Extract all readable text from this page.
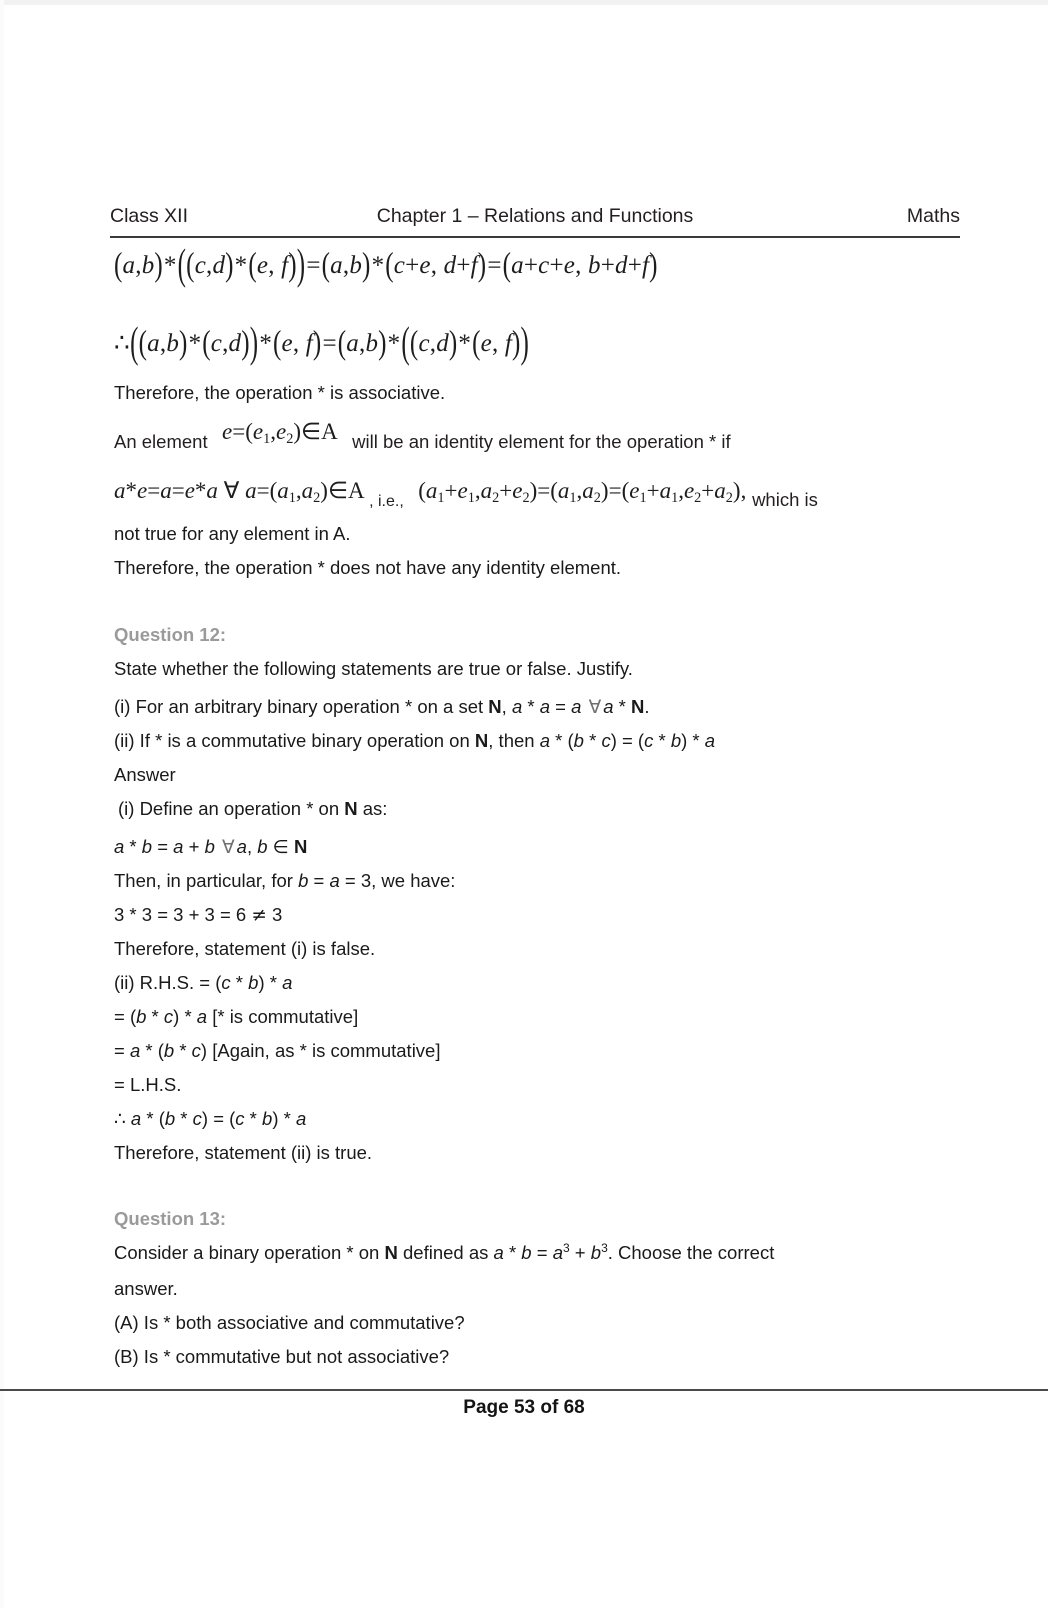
Class XII	Chapter 1 – Relations and Functions	Maths
(a,b)*((c,d)*(e, f))=(a,b)*(c+e, d+f)=(a+c+e, b+d+f)
∴((a,b)*(c,d))*(e, f)=(a,b)*((c,d)*(e, f))
Therefore, the operation * is associative.
An element $e=(e_1,e_2)\in A$ will be an identity element for the operation * if
a*e=a=e*a ∀ $a=(a_1,a_2)\in A$ , i.e., $(a_1+e_1,a_2+e_2)=(a_1,a_2)=(e_1+a_1,e_2+a_2)$, which is
not true for any element in A.
Therefore, the operation * does not have any identity element.
Question 12:
State whether the following statements are true or false. Justify.
(i) For an arbitrary binary operation * on a set N, a * a = a ∀ a * N.
(ii) If * is a commutative binary operation on N, then a * (b * c) = (c * b) * a
Answer
(i) Define an operation * on N as:
a * b = a + b ∀ a, b ∈ N
Then, in particular, for b = a = 3, we have:
3 * 3 = 3 + 3 = 6 ≠ 3
Therefore, statement (i) is false.
(ii) R.H.S. = (c * b) * a
= (b * c) * a [* is commutative]
= a * (b * c) [Again, as * is commutative]
= L.H.S.
∴ a * (b * c) = (c * b) * a
Therefore, statement (ii) is true.
Question 13:
Consider a binary operation * on N defined as $a * b = a^3 + b^3$. Choose the correct
answer.
(A) Is * both associative and commutative?
(B) Is * commutative but not associative?
Page 53 of 68
